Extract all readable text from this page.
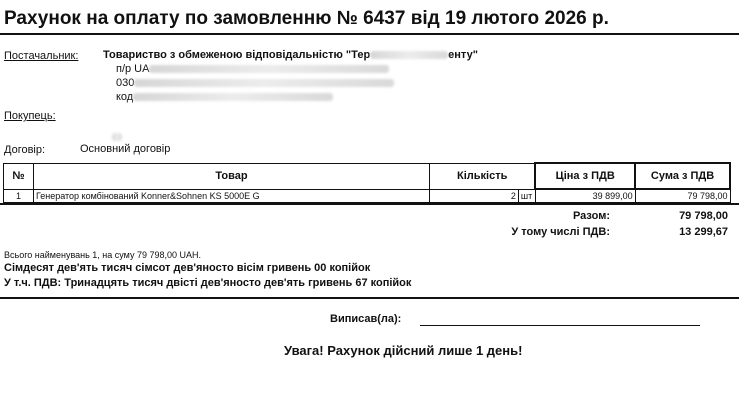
Рахунок на оплату по замовленню № 6437 від 19 лютого 2026 р.
Постачальник: Товариство з обмеженою відповідальністю "Тер	енту"
п/р UA
030
код
Покупець:
Договір:	Основний договір
№	Товар	Кількість		Ціна з ПДВ	Сума з ПДВ
1	Генератор комбінований Konner&Sohnen KS 5000E G	2	шт	39 899,00	79 798,00
Разом:	79 798,00
У тому числі ПДВ:	13 299,67
Всього найменувань 1, на суму 79 798,00 UAH.
Сімдесят дев'ять тисяч сімсот дев'яносто вісім гривень 00 копійок
У т.ч. ПДВ: Тринадцять тисяч двісті дев'яносто дев'ять гривень 67 копійок
Виписав(ла):
Увага! Рахунок дійсний лише 1 день!
